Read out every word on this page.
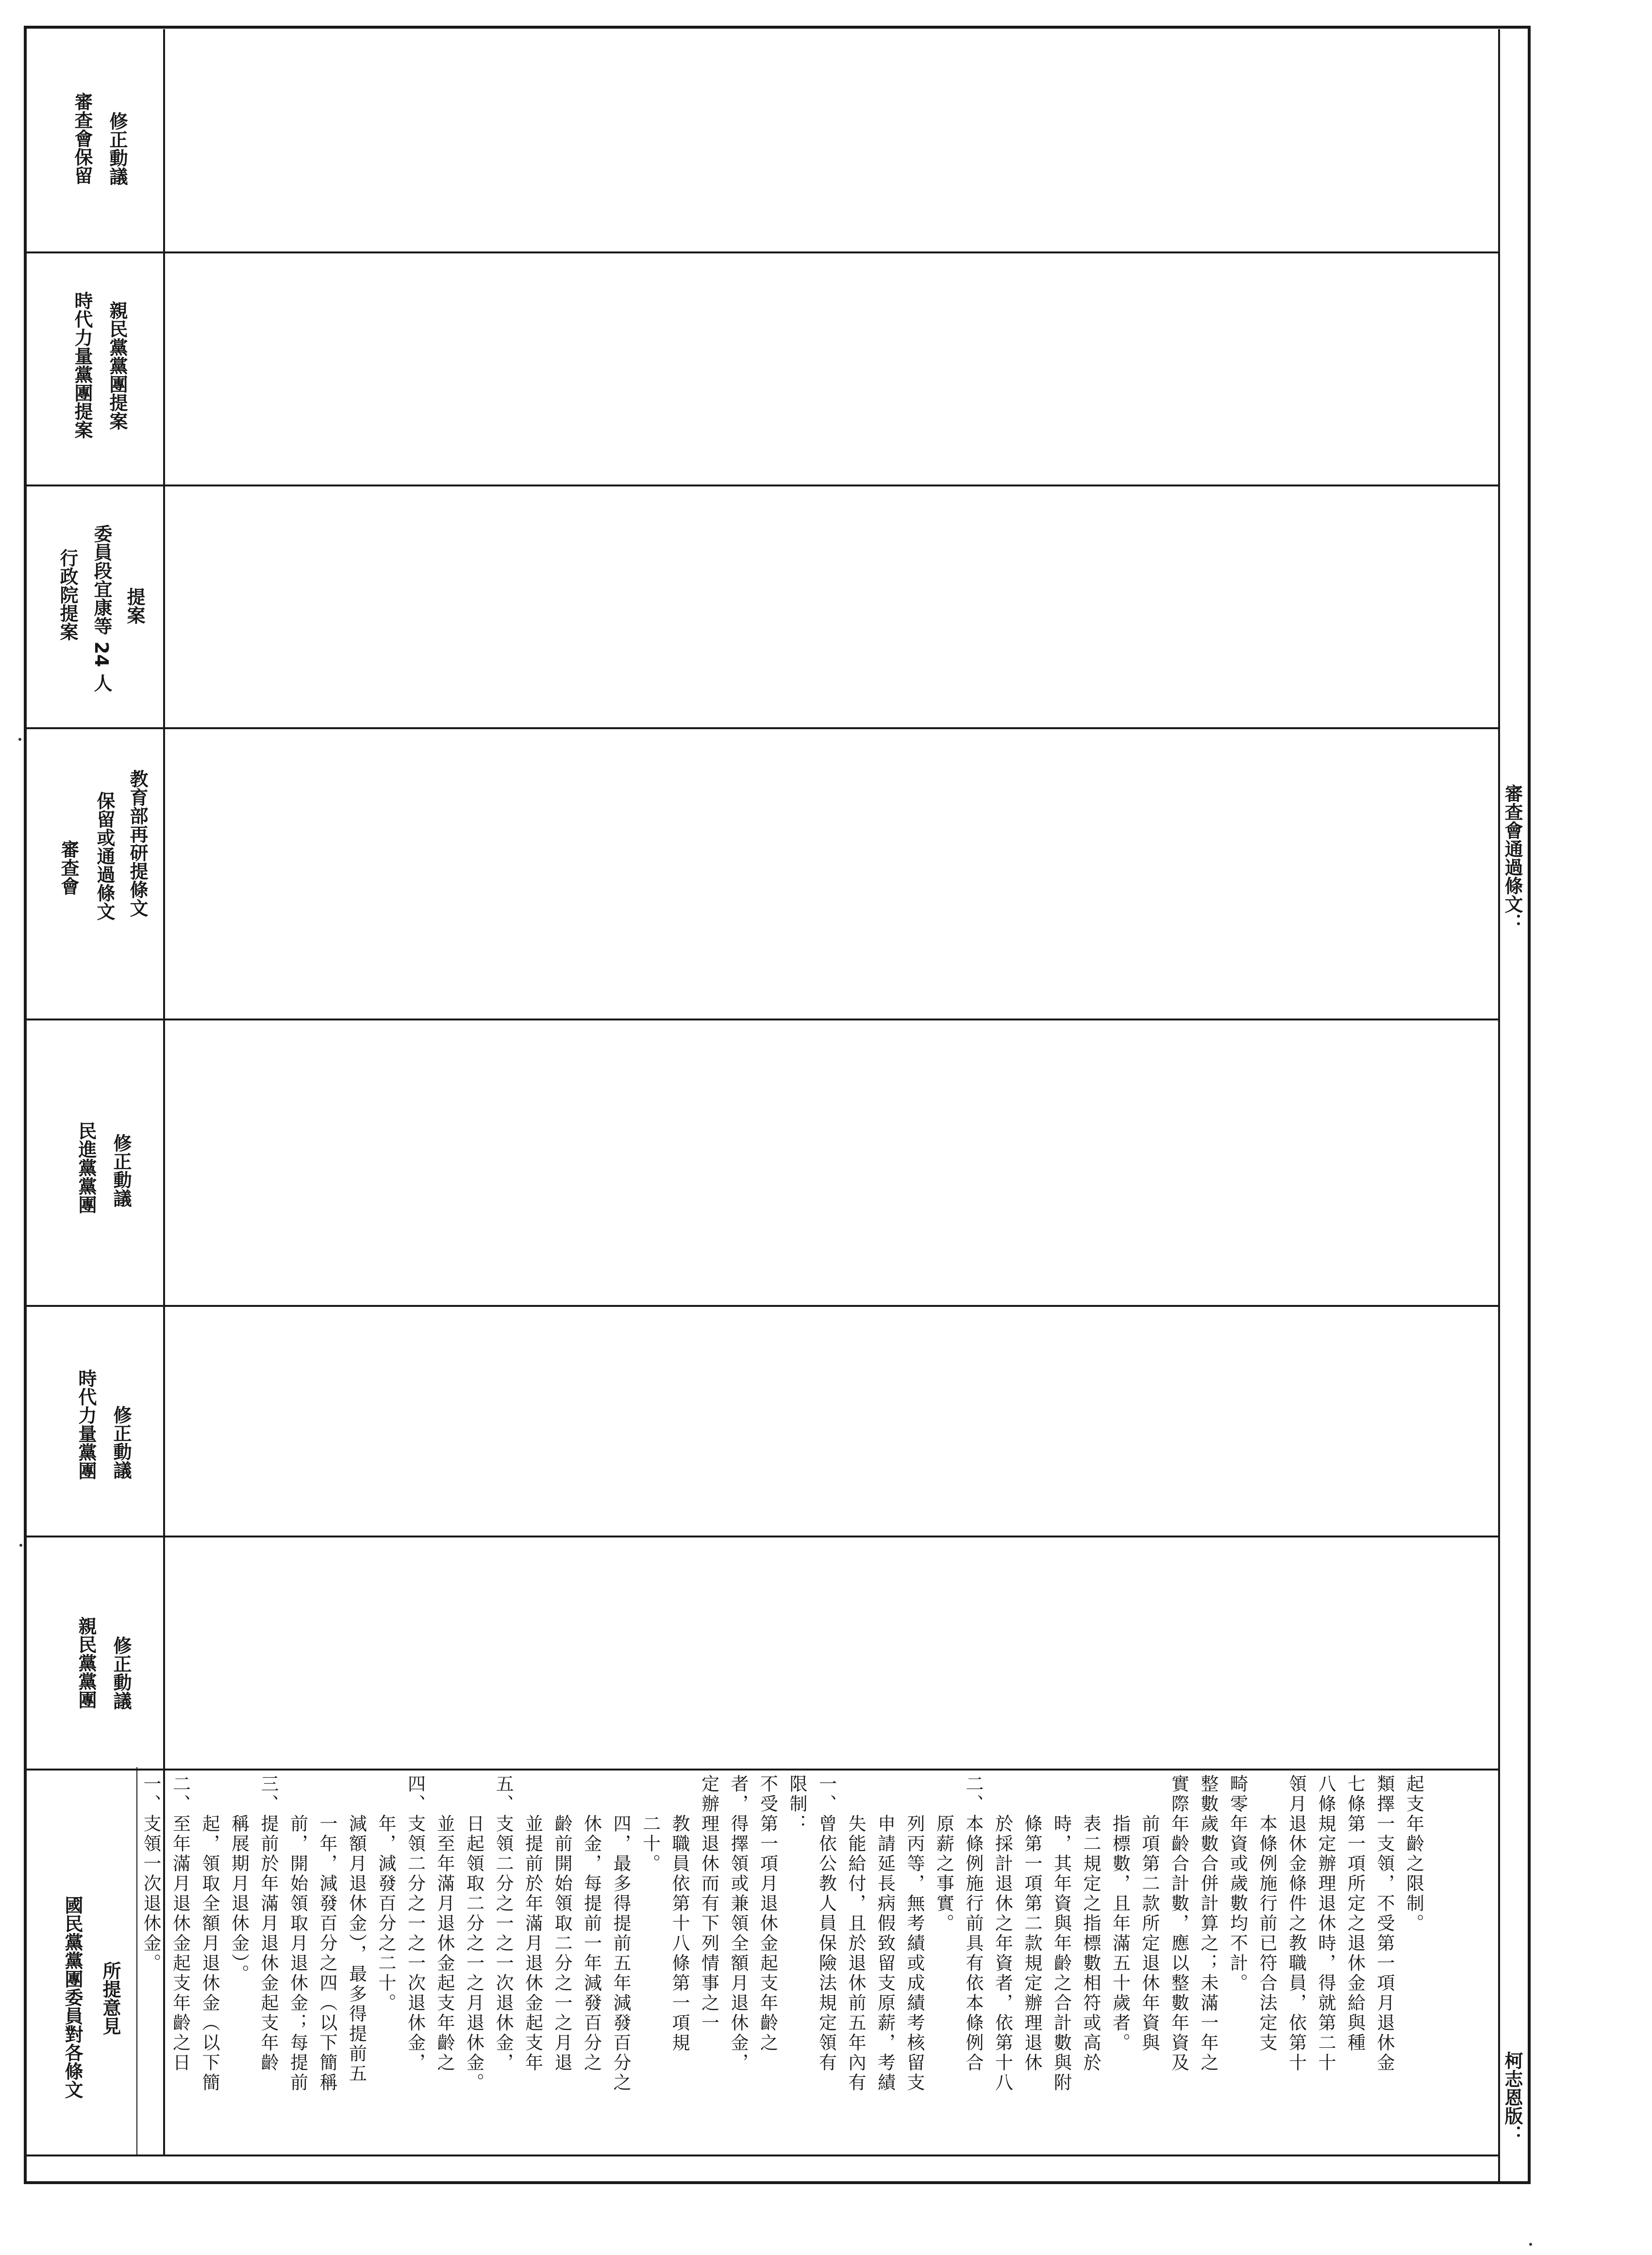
國民黨黨團委員對各條文

所提意見

親民黨黨團

修正動議

時代力量黨團

修正動議

民進黨黨團

修正動議

審查會

保留或通過條文

教育部再研提條文

行政院提案

委員段宜康等 24 人

提案

時代力量黨團提案

親民黨黨團提案

審查會保留

修正動議

一、支領一次退休金。 二、至年滿月退休金起支年齡之日 　　起，領取全額月退休金（以下簡 　　稱展期月退休金）。 三、提前於年滿月退休金起支年齡 　　前，開始領取月退休金；每提前 　　一年，減發百分之四（以下簡稱 　　減額月退休金），最多得提前五 　　年，減發百分之二十。 四、支領二分之一之一次退休金， 　　並至年滿月退休金起支年齡之 　　日起領取二分之一之月退休金。 五、支領二分之一之一次退休金， 　　並提前於年滿月退休金起支年 　　齡前開始領取二分之一之月退 　　休金，每提前一年減發百分之 　　四，最多得提前五年減發百分之 　　二十。 　　教職員依第十八條第一項規 定辦理退休而有下列情事之一 者，得擇領或兼領全額月退休金， 不受第一項月退休金起支年齡之 限制： 一、曾依公教人員保險法規定領有 　　失能給付，且於退休前五年內有 　　申請延長病假致留支原薪，考績 　　列丙等，無考績或成績考核留支 　　原薪之事實。 二、本條例施行前具有依本條例合 　　於採計退休之年資者，依第十八 　　條第一項第二款規定辦理退休 　　時，其年資與年齡之合計數與附 　　表二規定之指標數相符或高於 　　指標數，且年滿五十歲者。 　　前項第二款所定退休年資與 實際年齡合計數，應以整數年資及 整數歲數合併計算之；未滿一年之 畸零年資或歲數均不計。 　　本條例施行前已符合法定支 領月退休金條件之教職員，依第十 八條規定辦理退休時，得就第二十 七條第一項所定之退休金給與種 類擇一支領，不受第一項月退休金 起支年齡之限制。
審查會通過條文：
柯志恩版：
